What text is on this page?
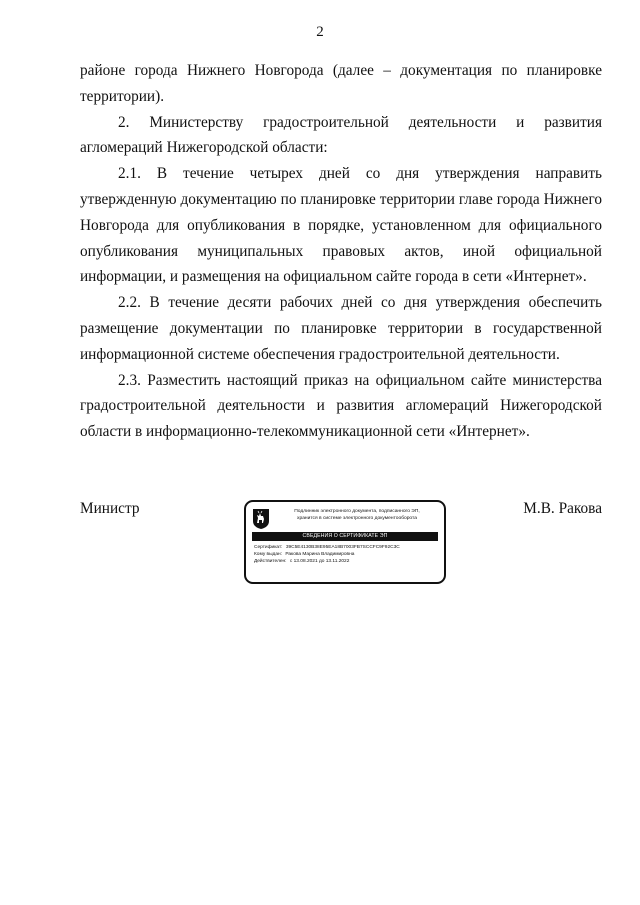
2

районе города Нижнего Новгорода (далее – документация по планировке территории).

2. Министерству градостроительной деятельности и развития агломераций Нижегородской области:

2.1. В течение четырех дней со дня утверждения направить утвержденную документацию по планировке территории главе города Нижнего Новгорода для опубликования в порядке, установленном для официального опубликования муниципальных правовых актов, иной официальной информации, и размещения на официальном сайте города в сети «Интернет».

2.2. В течение десяти рабочих дней со дня утверждения обеспечить размещение документации по планировке территории в государственной информационной системе обеспечения градостроительной деятельности.

2.3. Разместить настоящий приказ на официальном сайте министерства градостроительной деятельности и развития агломераций Нижегородской области в информационно-телекоммуникационной сети «Интернет».

Министр	М.В. Ракова
Подлинник электронного документа, подписанного ЭП,
хранится в системе электронного документооборота
СВЕДЕНИЯ О СЕРТИФИКАТЕ ЭП
Сертификат: 39C5E4130B38E95EA18B7003FB7SCCFC9F92C3C
Кому выдан: Ракова Марина Владимировна
Действителен: с 13.08.2021 до 13.11.2022
